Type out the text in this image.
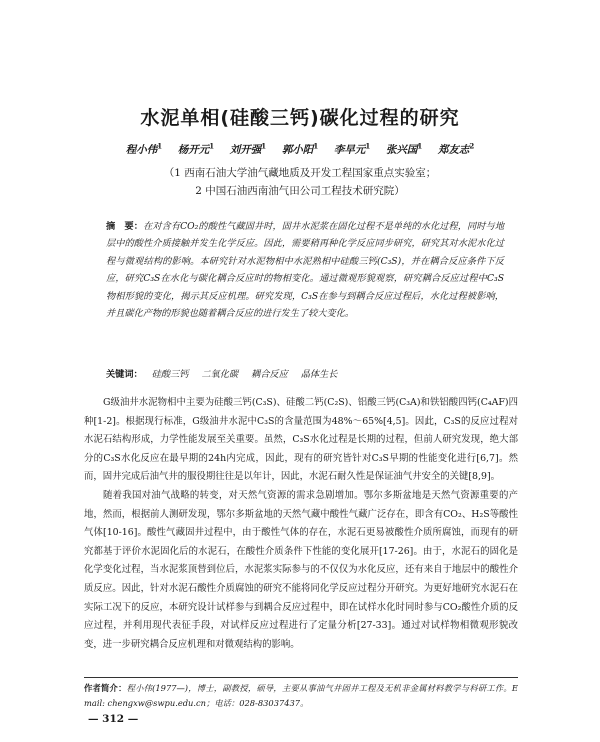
水泥单相(硅酸三钙)碳化过程的研究
程小伟$^1$ 杨开元$^1$ 刘开强$^1$ 郭小阳$^1$ 李早元$^1$ 张兴国$^1$ 郑友志$^2$
（1 西南石油大学油气藏地质及开发工程国家重点实验室；
2 中国石油西南油气田公司工程技术研究院）
摘　要：在对含有CO₂的酸性气藏固井时，固井水泥浆在固化过程不是单纯的水化过程，同时与地层中的酸性介质接触并发生化学反应。因此，需要稍再种化学反应同步研究，研究其对水泥水化过程与微观结构的影响。本研究针对水泥物相中水泥熟相中硅酸三钙(C₃S)，并在耦合反应条件下反应，研究C₃S在水化与碳化耦合反应时的物相变化。通过微观形貌观察，研究耦合反应过程中C₃S物相形貌的变化，揭示其反应机理。研究发现，C₃S在参与到耦合反应过程后，水化过程被影响，并且碳化产物的形貌也随着耦合反应的进行发生了较大变化。
关键词： 硅酸三钙 二氧化碳 耦合反应 晶体生长

G级油井水泥物相中主要为硅酸三钙(C₃S)、硅酸二钙(C₂S)、铝酸三钙(C₃A)和铁铝酸四钙(C₄AF)四种[1-2]。根据现行标准，G级油井水泥中C₃S的含量范围为48%～65%[4,5]。因此，C₃S的反应过程对水泥石结构形成，力学性能发展至关重要。虽然，C₃S水化过程是长期的过程，但前人研究发现，绝大部分的C₃S水化反应在最早期的24h内完成，因此，现有的研究皆针对C₃S早期的性能变化进行[6,7]。然而，固井完成后油气井的服役期往往是以年计，因此，水泥石耐久性是保证油气井安全的关键[8,9]。

随着我国对油气战略的转变，对天然气资源的需求急剧增加。鄂尔多斯盆地是天然气资源重要的产地，然而，根据前人测研发现，鄂尔多斯盆地的天然气藏中酸性气藏广泛存在，即含有CO₂、H₂S等酸性气体[10-16]。酸性气藏固井过程中，由于酸性气体的存在，水泥石更易被酸性介质所腐蚀，而现有的研究都基于评价水泥固化后的水泥石，在酸性介质条件下性能的变化展开[17-26]。由于，水泥石的固化是化学变化过程，当水泥浆顶替到位后，水泥浆实际参与的不仅仅为水化反应，还有来自于地层中的酸性介质反应。因此，针对水泥石酸性介质腐蚀的研究不能将同化学反应过程分开研究。为更好地研究水泥石在实际工况下的反应，本研究设计试样参与到耦合反应过程中，即在试样水化时同时参与CO₂酸性介质的反应过程，并利用现代表征手段，对试样反应过程进行了定量分析[27-33]。通过对试样物相微观形貌改变，进一步研究耦合反应机理和对微观结构的影响。

作者简介：程小伟(1977—)，博士，副教授，硕导，主要从事油气井固井工程及无机非金属材料教学与科研工作。E mail: chengxw@swpu.edu.cn；电话：028-83037437。
— 312 —
